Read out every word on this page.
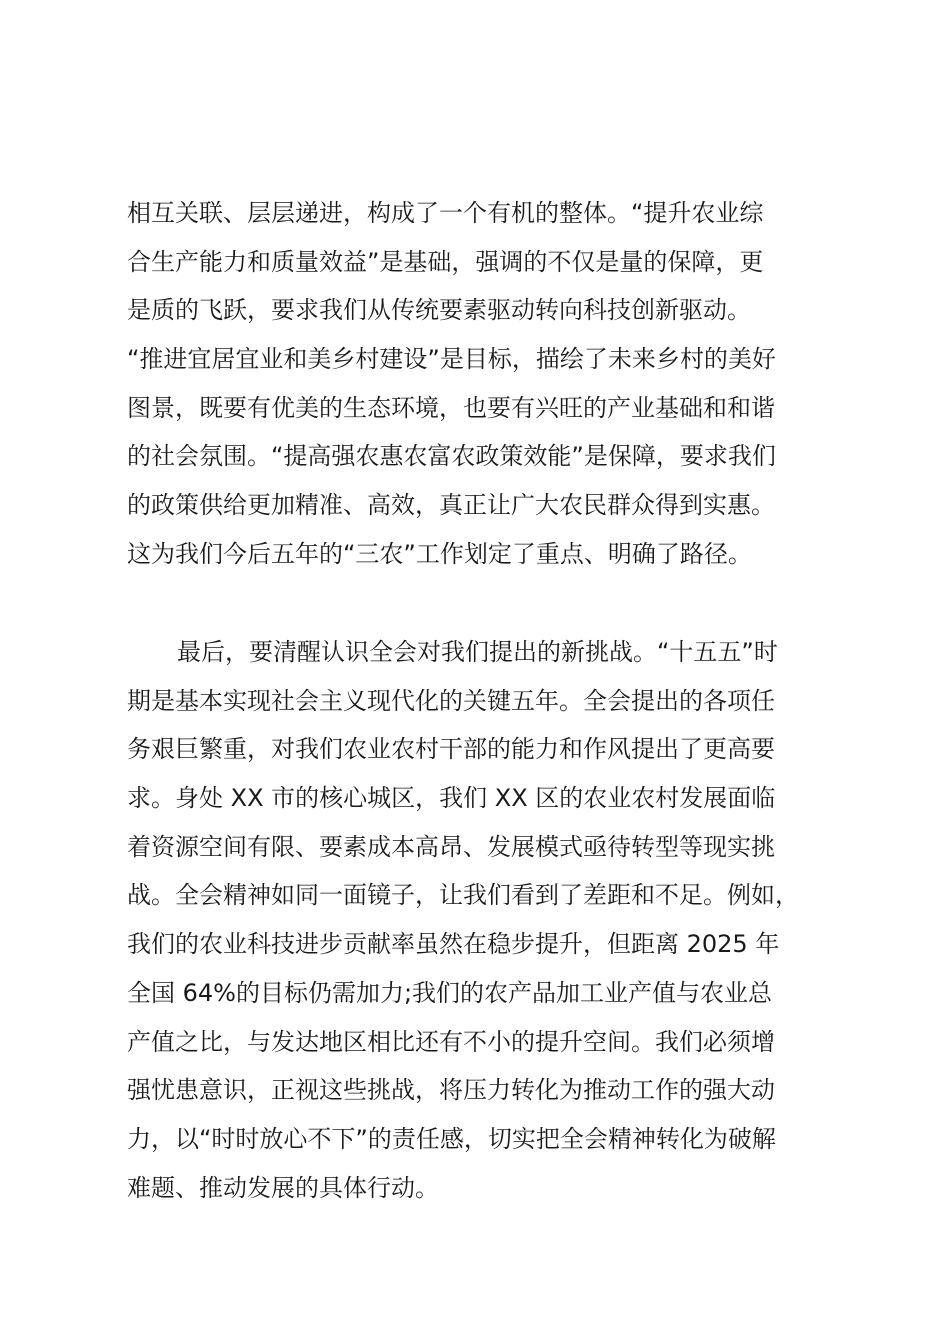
相互关联、层层递进，构成了一个有机的整体。“提升农业综
合生产能力和质量效益”是基础，强调的不仅是量的保障，更
是质的飞跃，要求我们从传统要素驱动转向科技创新驱动。
“推进宜居宜业和美乡村建设”是目标，描绘了未来乡村的美好
图景，既要有优美的生态环境，也要有兴旺的产业基础和和谐
的社会氛围。“提高强农惠农富农政策效能”是保障，要求我们
的政策供给更加精准、高效，真正让广大农民群众得到实惠。
这为我们今后五年的“三农”工作划定了重点、明确了路径。
最后，要清醒认识全会对我们提出的新挑战。“十五五”时
期是基本实现社会主义现代化的关键五年。全会提出的各项任
务艰巨繁重，对我们农业农村干部的能力和作风提出了更高要
求。身处 XX 市的核心城区，我们 XX 区的农业农村发展面临
着资源空间有限、要素成本高昂、发展模式亟待转型等现实挑
战。全会精神如同一面镜子，让我们看到了差距和不足。例如，
我们的农业科技进步贡献率虽然在稳步提升，但距离 2025 年
全国 64%的目标仍需加力;我们的农产品加工业产值与农业总
产值之比，与发达地区相比还有不小的提升空间。我们必须增
强忧患意识，正视这些挑战，将压力转化为推动工作的强大动
力，以“时时放心不下”的责任感，切实把全会精神转化为破解
难题、推动发展的具体行动。
